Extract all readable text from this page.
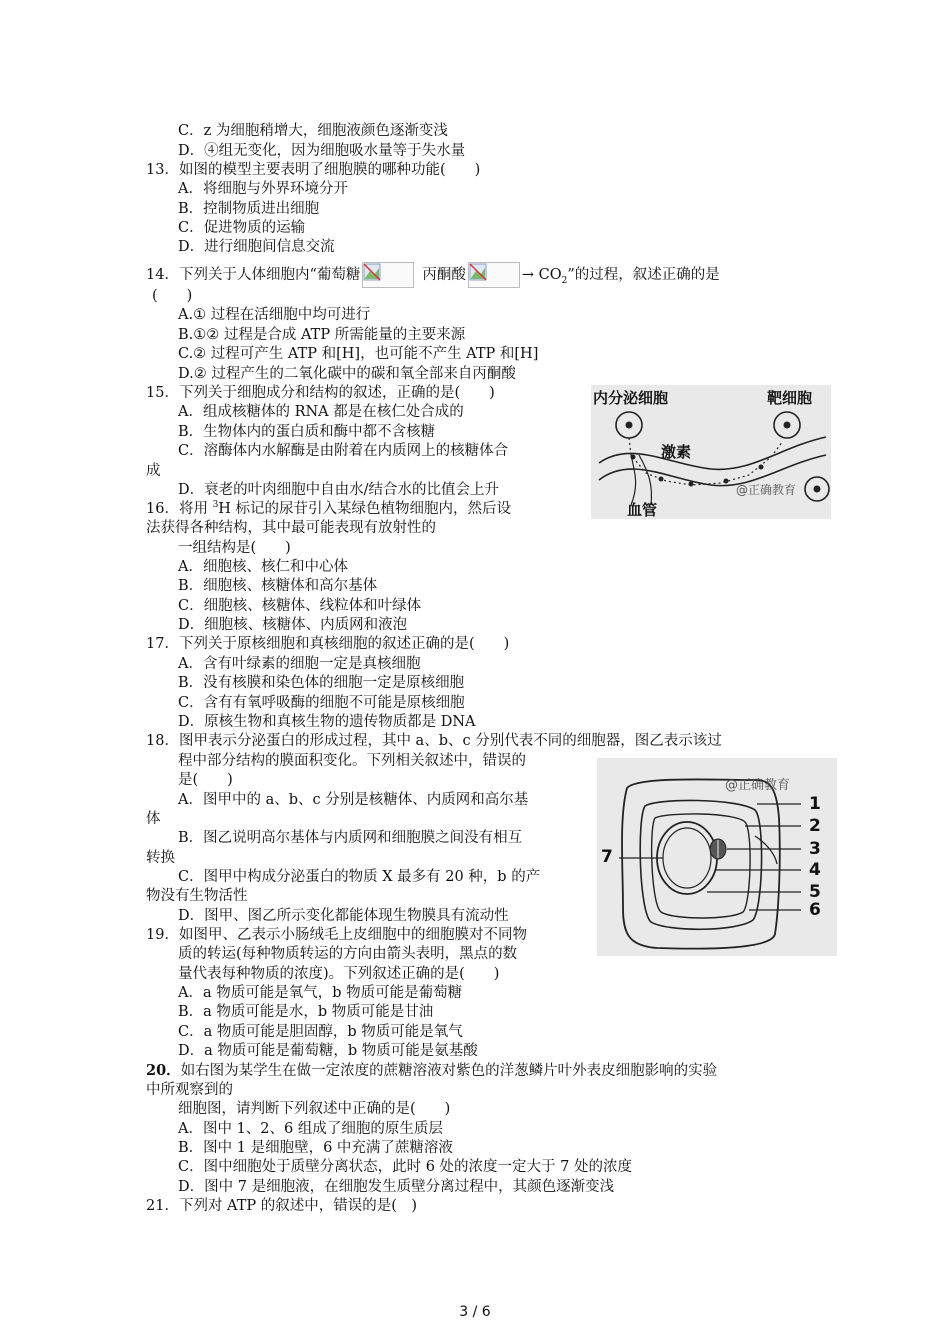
C．z 为细胞稍增大，细胞液颜色逐渐变浅
D．④组无变化，因为细胞吸水量等于失水量
13．如图的模型主要表明了细胞膜的哪种功能(　　)
A．将细胞与外界环境分开
B．控制物质进出细胞
C．促进物质的运输
D．进行细胞间信息交流
14．下列关于人体细胞内“葡萄糖	丙酮酸	→ $CO_2$”的过程，叙述正确的是
(　　)
A.① 过程在活细胞中均可进行
B.①② 过程是合成 ATP 所需能量的主要来源
C.② 过程可产生 ATP 和[H]，也可能不产生 ATP 和[H]
D.② 过程产生的二氧化碳中的碳和氧全部来自丙酮酸
15．下列关于细胞成分和结构的叙述，正确的是(　　)
A．组成核糖体的 RNA 都是在核仁处合成的
B．生物体内的蛋白质和酶中都不含核糖
C．溶酶体内水解酶是由附着在内质网上的核糖体合
成
D．衰老的叶肉细胞中自由水/结合水的比值会上升
内分泌细胞	靶细胞
激素
血管
@正确教育
16．将用 $^3$H 标记的尿苷引入某绿色植物细胞内，然后设
法获得各种结构，其中最可能表现有放射性的
一组结构是(　　)
A．细胞核、核仁和中心体
B．细胞核、核糖体和高尔基体
C．细胞核、核糖体、线粒体和叶绿体
D．细胞核、核糖体、内质网和液泡
17．下列关于原核细胞和真核细胞的叙述正确的是(　　)
A．含有叶绿素的细胞一定是真核细胞
B．没有核膜和染色体的细胞一定是原核细胞
C．含有有氧呼吸酶的细胞不可能是原核细胞
D．原核生物和真核生物的遗传物质都是 DNA
18．图甲表示分泌蛋白的形成过程，其中 a、b、c 分别代表不同的细胞器，图乙表示该过
程中部分结构的膜面积变化。下列相关叙述中，错误的
是(　　)
A．图甲中的 a、b、c 分别是核糖体、内质网和高尔基
体
B．图乙说明高尔基体与内质网和细胞膜之间没有相互
转换
C．图甲中构成分泌蛋白的物质 X 最多有 20 种，b 的产
物没有生物活性
D．图甲、图乙所示变化都能体现生物膜具有流动性
@正确教育
1
2
3
4
5
6
7
19．如图甲、乙表示小肠绒毛上皮细胞中的细胞膜对不同物
质的转运(每种物质转运的方向由箭头表明，黑点的数
量代表每种物质的浓度)。下列叙述正确的是(　　)
A．a 物质可能是氧气，b 物质可能是葡萄糖
B．a 物质可能是水，b 物质可能是甘油
C．a 物质可能是胆固醇，b 物质可能是氧气
D．a 物质可能是葡萄糖，b 物质可能是氨基酸
20．如右图为某学生在做一定浓度的蔗糖溶液对紫色的洋葱鳞片叶外表皮细胞影响的实验
中所观察到的
细胞图，请判断下列叙述中正确的是(　　)
A．图中 1、2、6 组成了细胞的原生质层
B．图中 1 是细胞壁，6 中充满了蔗糖溶液
C．图中细胞处于质壁分离状态，此时 6 处的浓度一定大于 7 处的浓度
D．图中 7 是细胞液，在细胞发生质壁分离过程中，其颜色逐渐变浅
21．下列对 ATP 的叙述中，错误的是(　)
3 / 6
